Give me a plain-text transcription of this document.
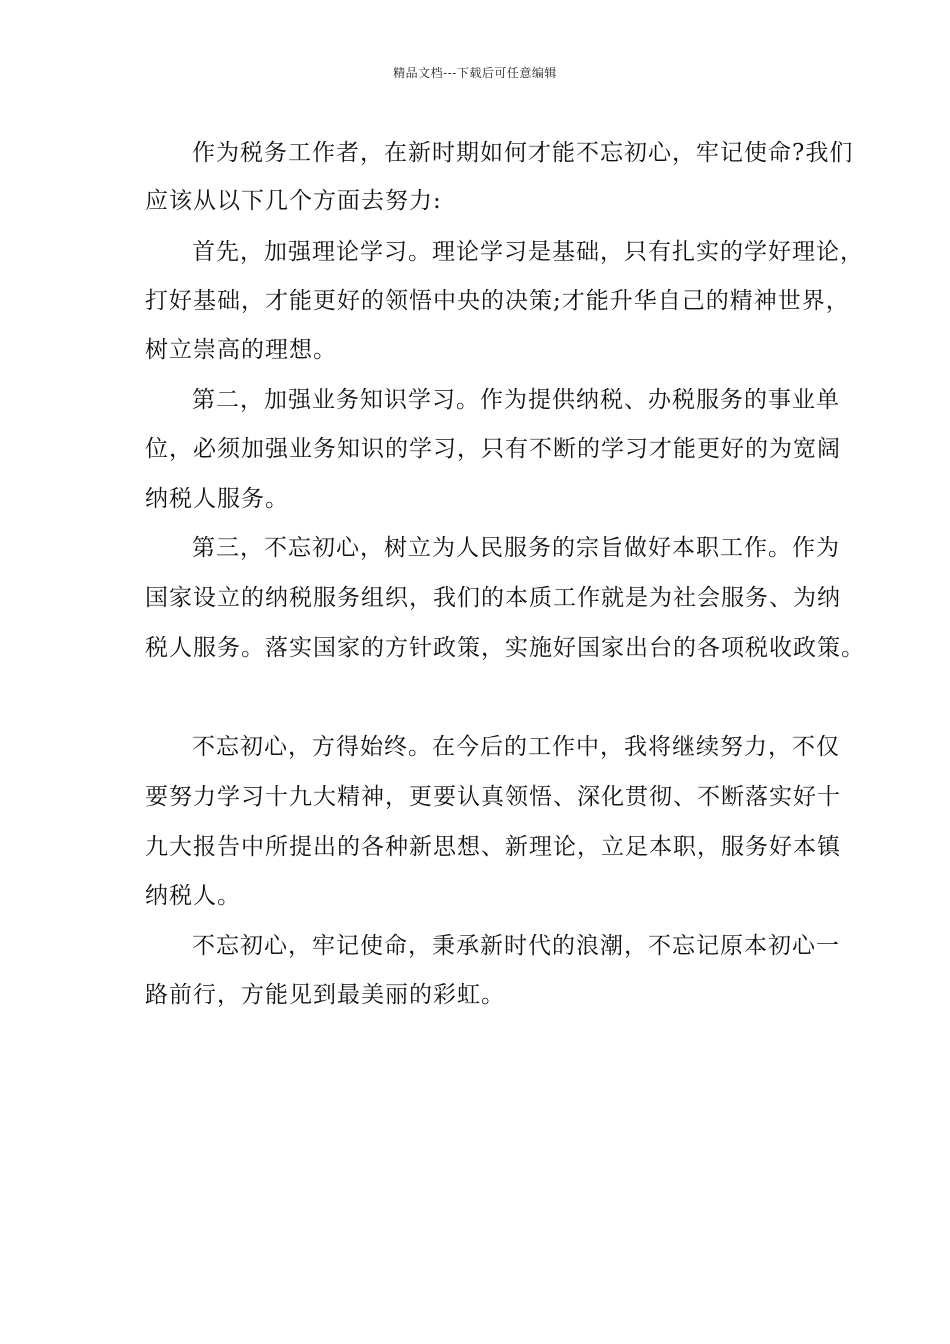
精品文档---下载后可任意编辑
作为税务工作者，在新时期如何才能不忘初心，牢记使命?我们
应该从以下几个方面去努力:
首先，加强理论学习。理论学习是基础，只有扎实的学好理论，
打好基础，才能更好的领悟中央的决策;才能升华自己的精神世界，
树立崇高的理想。
第二，加强业务知识学习。作为提供纳税、办税服务的事业单
位，必须加强业务知识的学习，只有不断的学习才能更好的为宽阔
纳税人服务。
第三，不忘初心，树立为人民服务的宗旨做好本职工作。作为
国家设立的纳税服务组织，我们的本质工作就是为社会服务、为纳
税人服务。落实国家的方针政策，实施好国家出台的各项税收政策。
不忘初心，方得始终。在今后的工作中，我将继续努力，不仅
要努力学习十九大精神，更要认真领悟、深化贯彻、不断落实好十
九大报告中所提出的各种新思想、新理论，立足本职，服务好本镇
纳税人。
不忘初心，牢记使命，秉承新时代的浪潮，不忘记原本初心一
路前行，方能见到最美丽的彩虹。
